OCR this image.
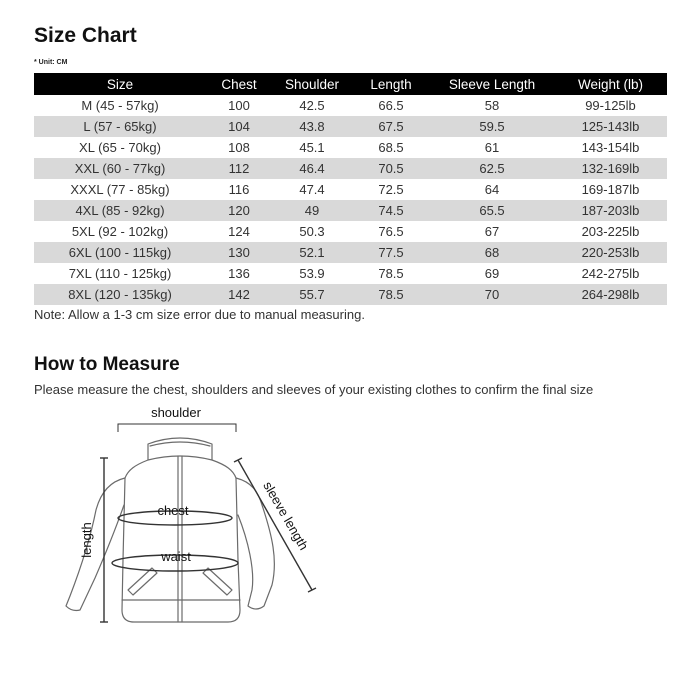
Size Chart
* Unit: CM
Size	Chest	Shoulder	Length	Sleeve Length	Weight (lb)
M (45 - 57kg)	100	42.5	66.5	58	99-125lb
L (57 - 65kg)	104	43.8	67.5	59.5	125-143lb
XL (65 - 70kg)	108	45.1	68.5	61	143-154lb
XXL (60 - 77kg)	112	46.4	70.5	62.5	132-169lb
XXXL (77 - 85kg)	116	47.4	72.5	64	169-187lb
4XL (85 - 92kg)	120	49	74.5	65.5	187-203lb
5XL (92 - 102kg)	124	50.3	76.5	67	203-225lb
6XL (100 - 115kg)	130	52.1	77.5	68	220-253lb
7XL (110 - 125kg)	136	53.9	78.5	69	242-275lb
8XL (120 - 135kg)	142	55.7	78.5	70	264-298lb
Note: Allow a 1-3 cm size error due to manual measuring.
How to Measure
Please measure the chest, shoulders and sleeves of your existing clothes to confirm the final size
shoulder
chest
waist
length	sleeve length
